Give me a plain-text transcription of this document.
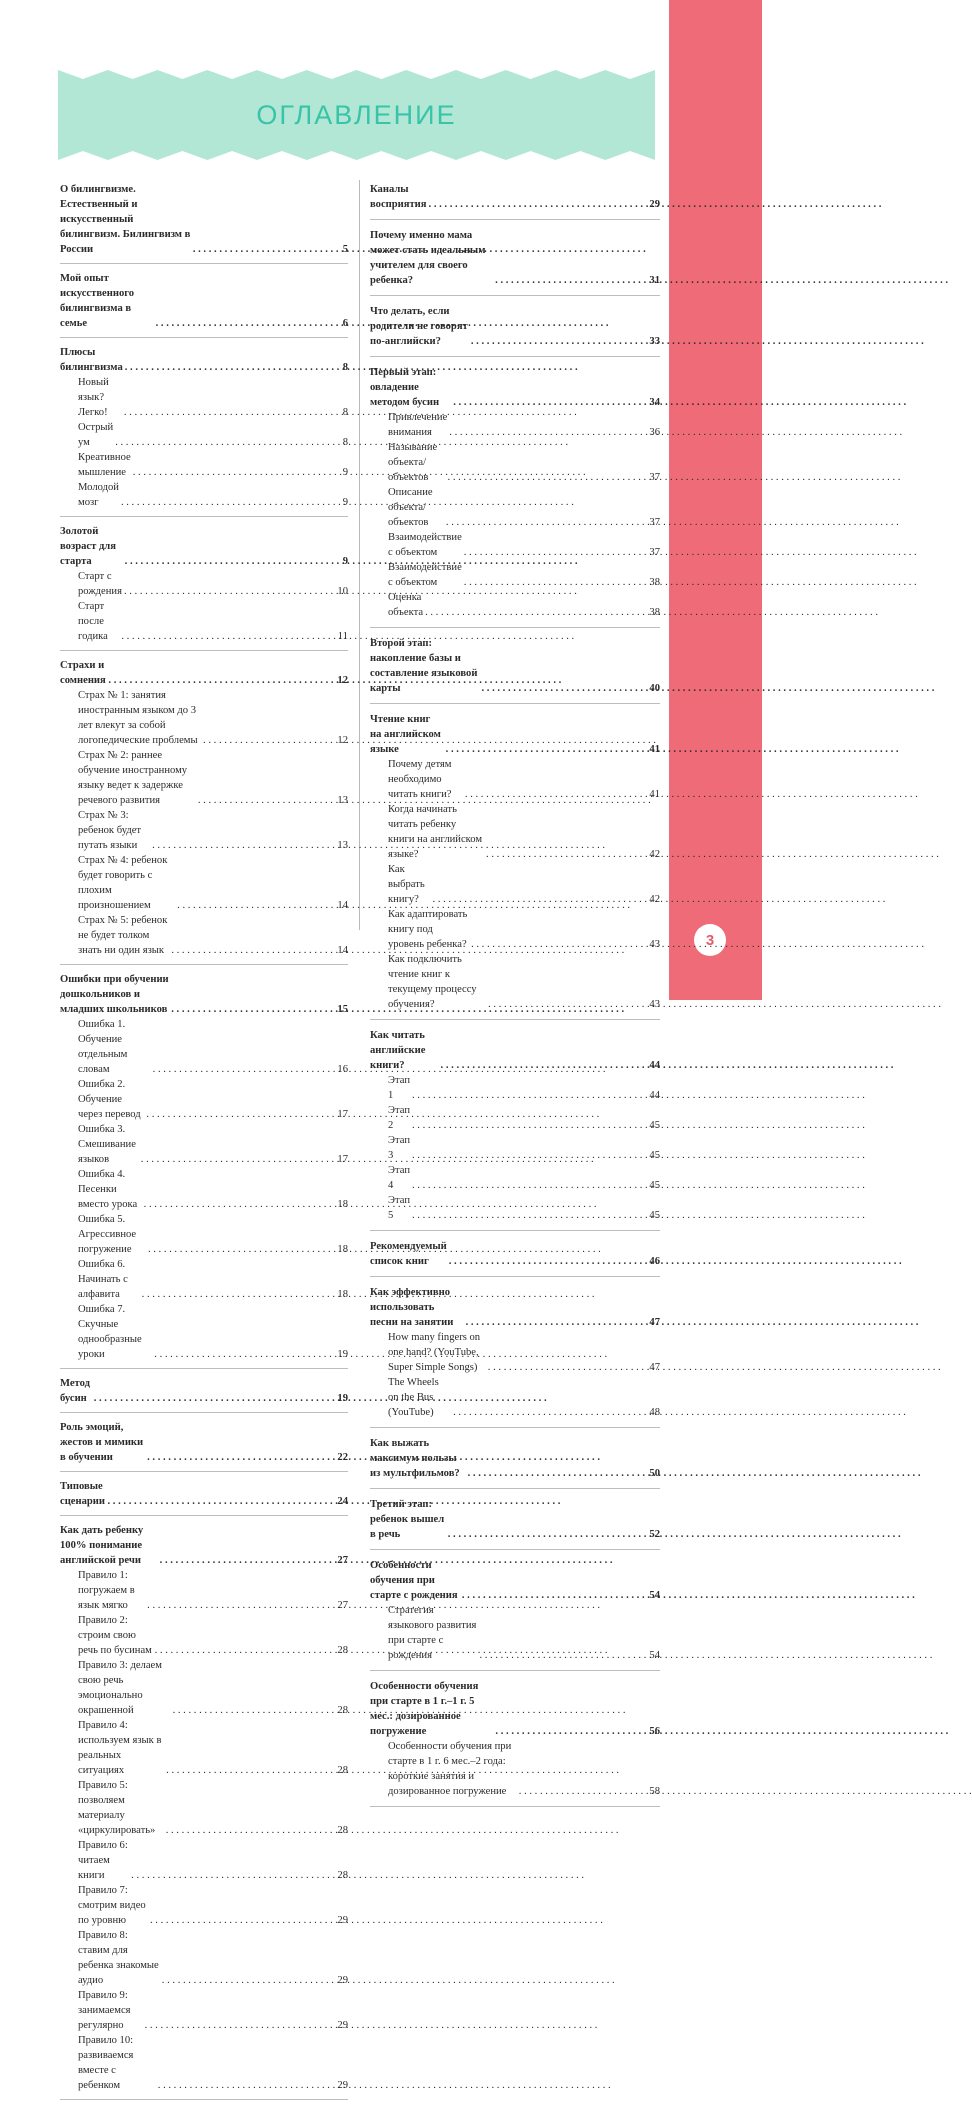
3
ОГЛАВЛЕНИЕ
О билингвизме. Естественный и искусственный билингвизм. Билингвизм в России . . .	5
Мой опыт искусственного билингвизма в семье . . .	6
Плюсы билингвизма . . .	8
Новый язык? Легко! . . .	8
Острый ум . . .	8
Креативное мышление . . .	9
Молодой мозг . . .	9
Золотой возраст для старта . . .	9
Старт с рождения . . .	10
Старт после годика . . .	11
Страхи и сомнения . . .	12
Страх № 1: занятия иностранным языком до 3 лет влекут за собой логопедические проблемы . . .	12
Страх № 2: раннее обучение иностранному языку ведет к задержке речевого развития . . .	13
Страх № 3: ребенок будет путать языки . . .	13
Страх № 4: ребенок будет говорить с плохим произношением . . .	14
Страх № 5: ребенок не будет толком знать ни один язык . . .	14
Ошибки при обучении дошкольников и младших школьников . . .	15
Ошибка 1. Обучение отдельным словам . . .	16
Ошибка 2. Обучение через перевод . . .	17
Ошибка 3. Смешивание языков . . .	17
Ошибка 4. Песенки вместо урока . . .	18
Ошибка 5. Агрессивное погружение . . .	18
Ошибка 6. Начинать с алфавита . . .	18
Ошибка 7. Скучные однообразные уроки . . .	19
Метод бусин . . .	19
Роль эмоций, жестов и мимики в обучении . . .	22
Типовые сценарии . . .	24
Как дать ребенку 100% понимание английской речи . . .	27
Правило 1: погружаем в язык мягко . . .	27
Правило 2: строим свою речь по бусинам . . .	28
Правило 3: делаем свою речь эмоционально окрашенной . . .	28
Правило 4: используем язык в реальных ситуациях . . .	28
Правило 5: позволяем материалу «циркулировать» . . .	28
Правило 6: читаем книги . . .	28
Правило 7: смотрим видео по уровню . . .	29
Правило 8: ставим для ребенка знакомые аудио . . .	29
Правило 9: занимаемся регулярно . . .	29
Правило 10: развиваемся вместе с ребенком . . .	29
Каналы восприятия . . .	29
Почему именно мама может стать идеальным учителем для своего ребенка? . . .	31
Что делать, если родители не говорят по-английски? . . .	33
Первый этап: овладение методом бусин . . .	34
Привлечение внимания . . .	36
Называние объекта/объектов . . .	37
Описание объекта/объектов . . .	37
Взаимодействие с объектом . . .	37
Взаимодействие с объектом . . .	38
Оценка объекта . . .	38
Второй этап: накопление базы и составление языковой карты . . .	40
Чтение книг на английском языке . . .	41
Почему детям необходимо читать книги? . . .	41
Когда начинать читать ребенку книги на английском языке? . . .	42
Как выбрать книгу? . . .	42
Как адаптировать книгу под уровень ребенка? . . .	43
Как подключить чтение книг к текущему процессу обучения? . . .	43
Как читать английские книги? . . .	44
Этап 1 . . .	44
Этап 2 . . .	45
Этап 3 . . .	45
Этап 4 . . .	45
Этап 5 . . .	45
Рекомендуемый список книг . . .	46
Как эффективно использовать песни на занятии . . .	47
How many fingers on one hand? (YouTube, Super Simple Songs) . . .	47
The Wheels on the Bus (YouTube) . . .	48
Как выжать максимум пользы из мультфильмов? . . .	50
Третий этап: ребенок вышел в речь . . .	52
Особенности обучения при старте с рождения . . .	54
Стратегия языкового развития при старте с рождения . . .	54
Особенности обучения при старте в 1 г.–1 г. 5 мес.: дозированное погружение . . .	56
Особенности обучения при старте в 1 г. 6 мес.–2 года: короткие занятия и дозированное погружение . . .	58
